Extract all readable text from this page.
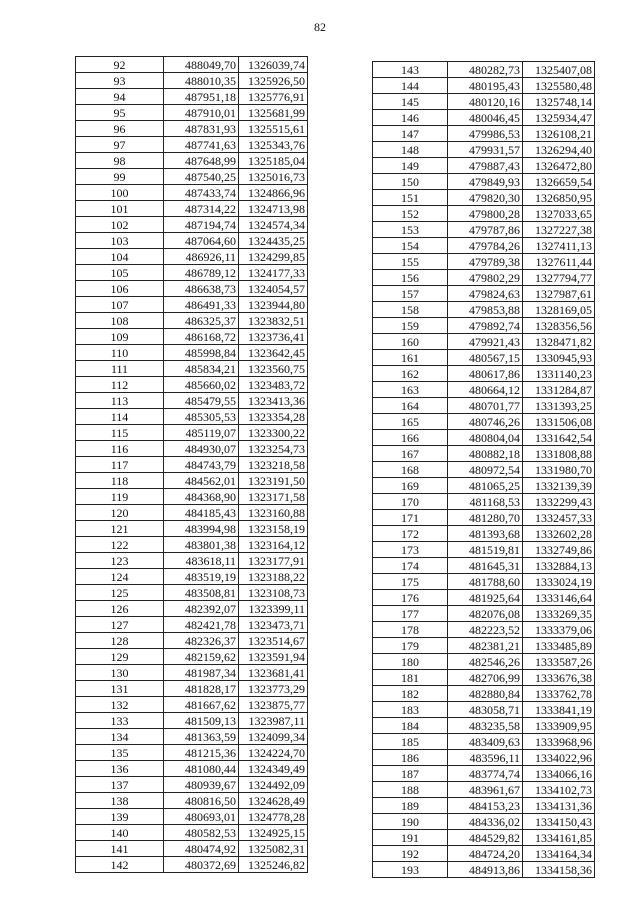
82
92	488049,70	1326039,74
93	488010,35	1325926,50
94	487951,18	1325776,91
95	487910,01	1325681,99
96	487831,93	1325515,61
97	487741,63	1325343,76
98	487648,99	1325185,04
99	487540,25	1325016,73
100	487433,74	1324866,96
101	487314,22	1324713,98
102	487194,74	1324574,34
103	487064,60	1324435,25
104	486926,11	1324299,85
105	486789,12	1324177,33
106	486638,73	1324054,57
107	486491,33	1323944,80
108	486325,37	1323832,51
109	486168,72	1323736,41
110	485998,84	1323642,45
111	485834,21	1323560,75
112	485660,02	1323483,72
113	485479,55	1323413,36
114	485305,53	1323354,28
115	485119,07	1323300,22
116	484930,07	1323254,73
117	484743,79	1323218,58
118	484562,01	1323191,50
119	484368,90	1323171,58
120	484185,43	1323160,88
121	483994,98	1323158,19
122	483801,38	1323164,12
123	483618,11	1323177,91
124	483519,19	1323188,22
125	483508,81	1323108,73
126	482392,07	1323399,11
127	482421,78	1323473,71
128	482326,37	1323514,67
129	482159,62	1323591,94
130	481987,34	1323681,41
131	481828,17	1323773,29
132	481667,62	1323875,77
133	481509,13	1323987,11
134	481363,59	1324099,34
135	481215,36	1324224,70
136	481080,44	1324349,49
137	480939,67	1324492,09
138	480816,50	1324628,49
139	480693,01	1324778,28
140	480582,53	1324925,15
141	480474,92	1325082,31
142	480372,69	1325246,82
143	480282,73	1325407,08
144	480195,43	1325580,48
145	480120,16	1325748,14
146	480046,45	1325934,47
147	479986,53	1326108,21
148	479931,57	1326294,40
149	479887,43	1326472,80
150	479849,93	1326659,54
151	479820,30	1326850,95
152	479800,28	1327033,65
153	479787,86	1327227,38
154	479784,26	1327411,13
155	479789,38	1327611,44
156	479802,29	1327794,77
157	479824,63	1327987,61
158	479853,88	1328169,05
159	479892,74	1328356,56
160	479921,43	1328471,82
161	480567,15	1330945,93
162	480617,86	1331140,23
163	480664,12	1331284,87
164	480701,77	1331393,25
165	480746,26	1331506,08
166	480804,04	1331642,54
167	480882,18	1331808,88
168	480972,54	1331980,70
169	481065,25	1332139,39
170	481168,53	1332299,43
171	481280,70	1332457,33
172	481393,68	1332602,28
173	481519,81	1332749,86
174	481645,31	1332884,13
175	481788,60	1333024,19
176	481925,64	1333146,64
177	482076,08	1333269,35
178	482223,52	1333379,06
179	482381,21	1333485,89
180	482546,26	1333587,26
181	482706,99	1333676,38
182	482880,84	1333762,78
183	483058,71	1333841,19
184	483235,58	1333909,95
185	483409,63	1333968,96
186	483596,11	1334022,96
187	483774,74	1334066,16
188	483961,67	1334102,73
189	484153,23	1334131,36
190	484336,02	1334150,43
191	484529,82	1334161,85
192	484724,20	1334164,34
193	484913,86	1334158,36
